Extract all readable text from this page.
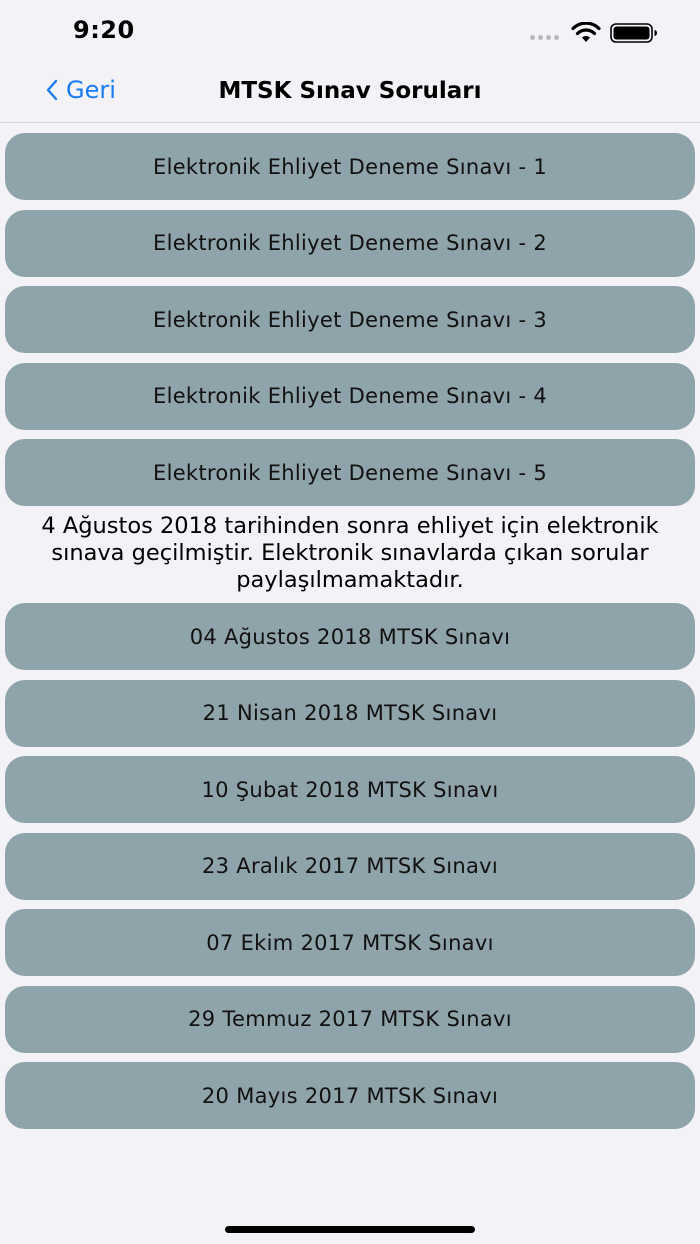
9:20
Geri	MTSK Sınav Soruları
Elektronik Ehliyet Deneme Sınavı - 1
Elektronik Ehliyet Deneme Sınavı - 2
Elektronik Ehliyet Deneme Sınavı - 3
Elektronik Ehliyet Deneme Sınavı - 4
Elektronik Ehliyet Deneme Sınavı - 5
4 Ağustos 2018 tarihinden sonra ehliyet için elektronik sınava geçilmiştir. Elektronik sınavlarda çıkan sorular paylaşılmamaktadır.
04 Ağustos 2018 MTSK Sınavı
21 Nisan 2018 MTSK Sınavı
10 Şubat 2018 MTSK Sınavı
23 Aralık 2017 MTSK Sınavı
07 Ekim 2017 MTSK Sınavı
29 Temmuz 2017 MTSK Sınavı
20 Mayıs 2017 MTSK Sınavı
